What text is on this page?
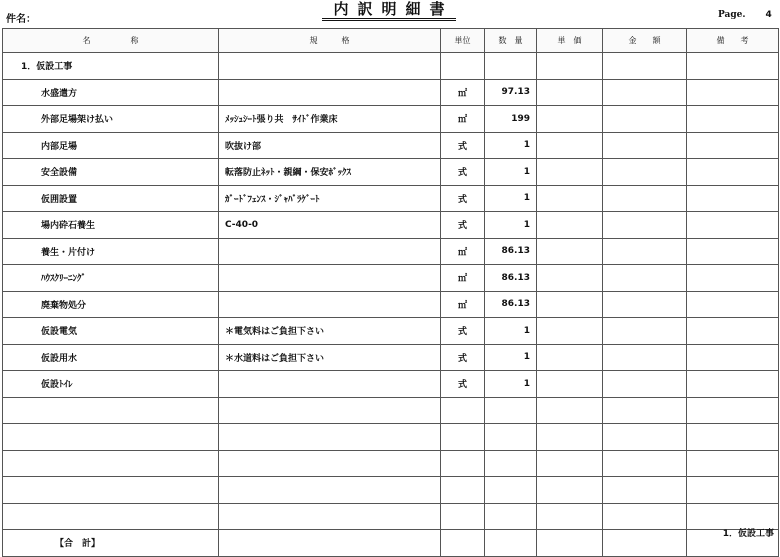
件名：
内訳明細書	Page. 4
名　　　　　称	規　　　格	単位	数　量	単　価	金　　額	備　　考
1．仮設工事						
水盛遣方		㎡	97.13			
外部足場架け払い	ﾒｯｼｭｼｰﾄ張り共　ｻｲﾄﾞ作業床	㎡	199			
内部足場	吹抜け部	式	1			
安全設備	転落防止ﾈｯﾄ・親綱・保安ﾎﾞｯｸｽ	式	1			
仮囲設置	ｶﾞｰﾄﾞﾌｪﾝｽ・ｼﾞｬﾊﾞﾗｹﾞｰﾄ	式	1			
場内砕石養生	C-40-0	式	1			
養生・片付け		㎡	86.13			
ﾊｳｽｸﾘｰﾆﾝｸﾞ		㎡	86.13			
廃棄物処分		㎡	86.13			
仮設電気	＊電気料はご負担下さい	式	1			
仮設用水	＊水道料はご負担下さい	式	1			
仮設ﾄｲﾚ		式	1			

【合　計】						
1．仮設工事
